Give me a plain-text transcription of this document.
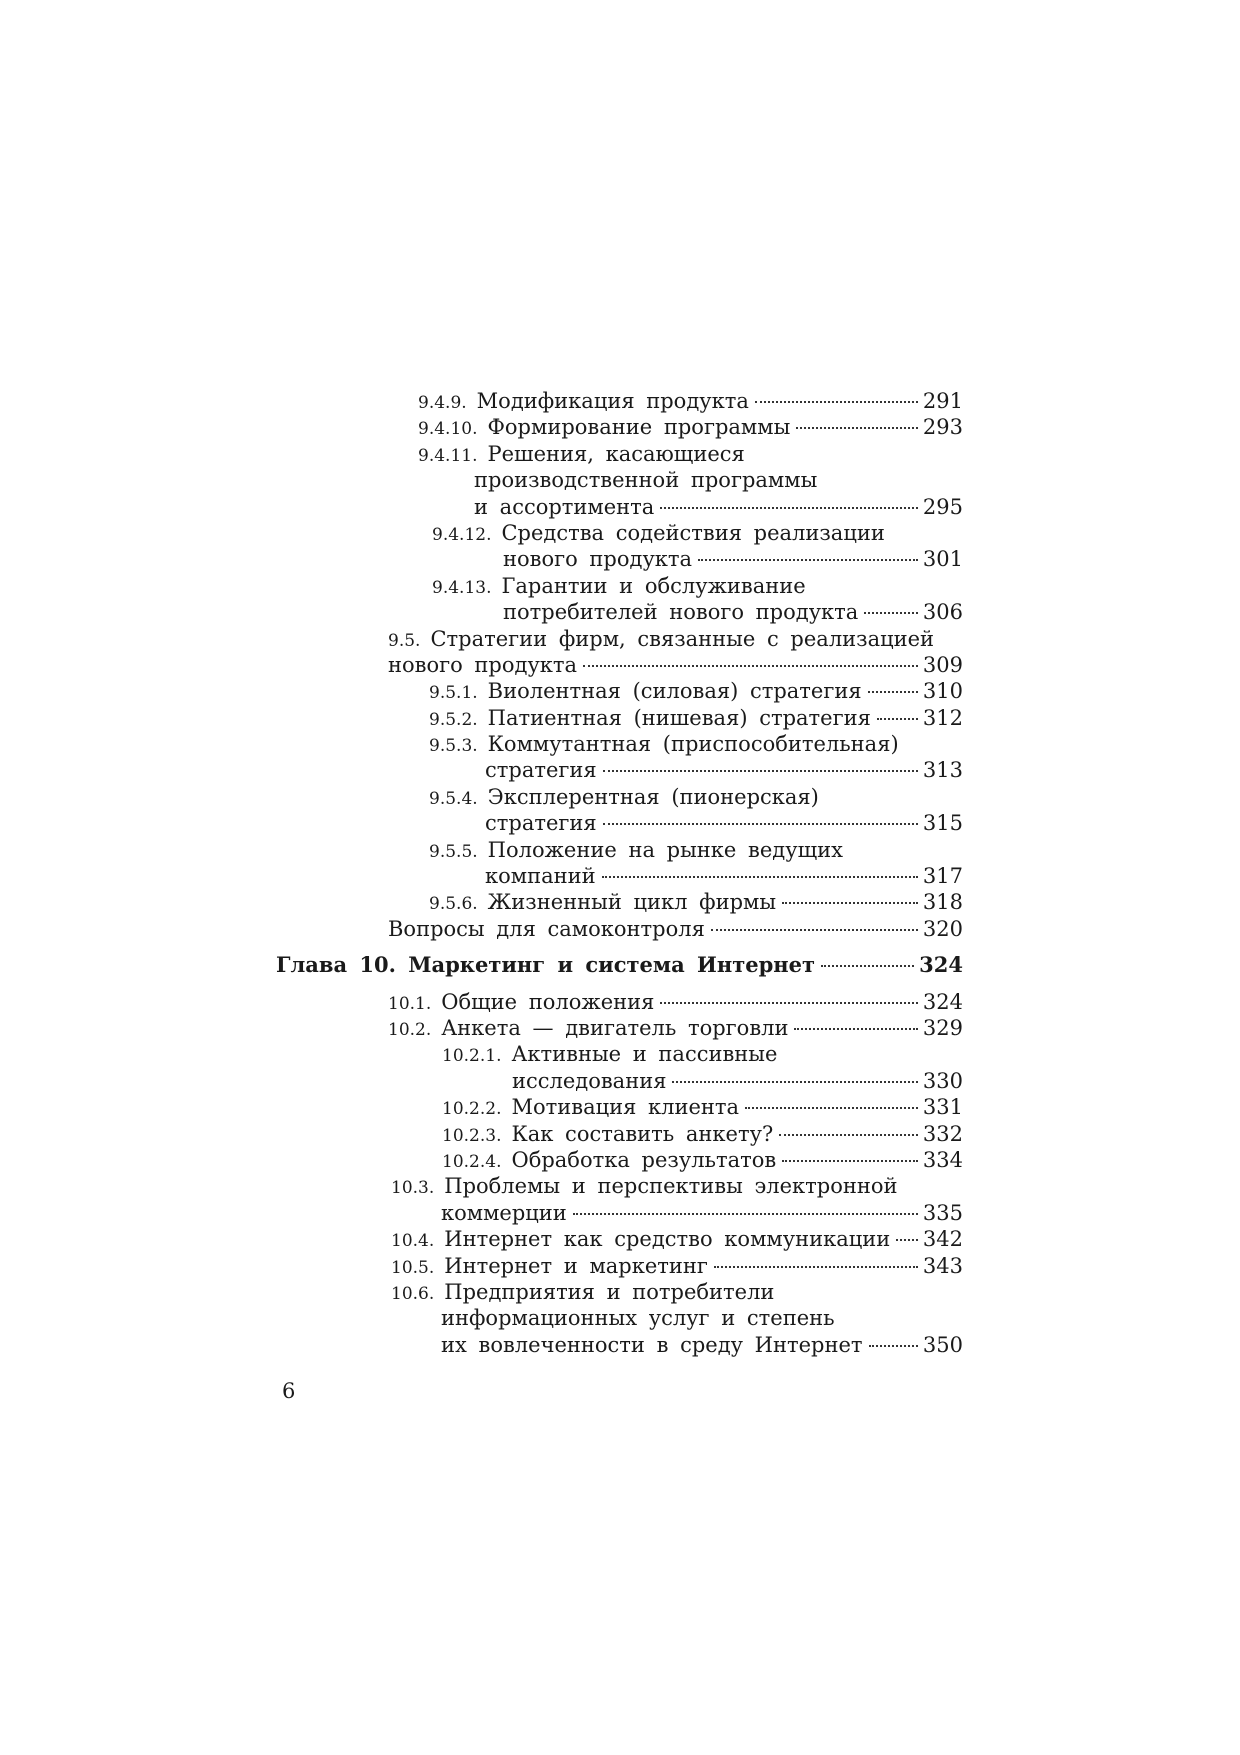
9.4.9. Модификация продукта	291
9.4.10. Формирование программы	293
9.4.11. Решения, касающиеся
производственной программы
и ассортимента	295
9.4.12. Средства содействия реализации
нового продукта	301
9.4.13. Гарантии и обслуживание
потребителей нового продукта	306
9.5. Стратегии фирм, связанные с реализацией
нового продукта	309
9.5.1. Виолентная (силовая) стратегия	310
9.5.2. Патиентная (нишевая) стратегия 312
9.5.3. Коммутантная (приспособительная)
стратегия	313
9.5.4. Эксплерентная (пионерская)
стратегия	315
9.5.5. Положение на рынке ведущих
компаний	317
9.5.6. Жизненный цикл фирмы	318
Вопросы для самоконтроля	320
Глава 10. Маркетинг и система Интернет	324
10.1. Общие положения	324
10.2. Анкета — двигатель торговли	329
10.2.1. Активные и пассивные
исследования	330
10.2.2. Мотивация клиента	331
10.2.3. Как составить анкету?	332
10.2.4. Обработка результатов	334
10.3. Проблемы и перспективы электронной
коммерции	335
10.4. Интернет как средство коммуникации 342
10.5. Интернет и маркетинг	343
10.6. Предприятия и потребители
информационных услуг и степень
их вовлеченности в среду Интернет	350
6
